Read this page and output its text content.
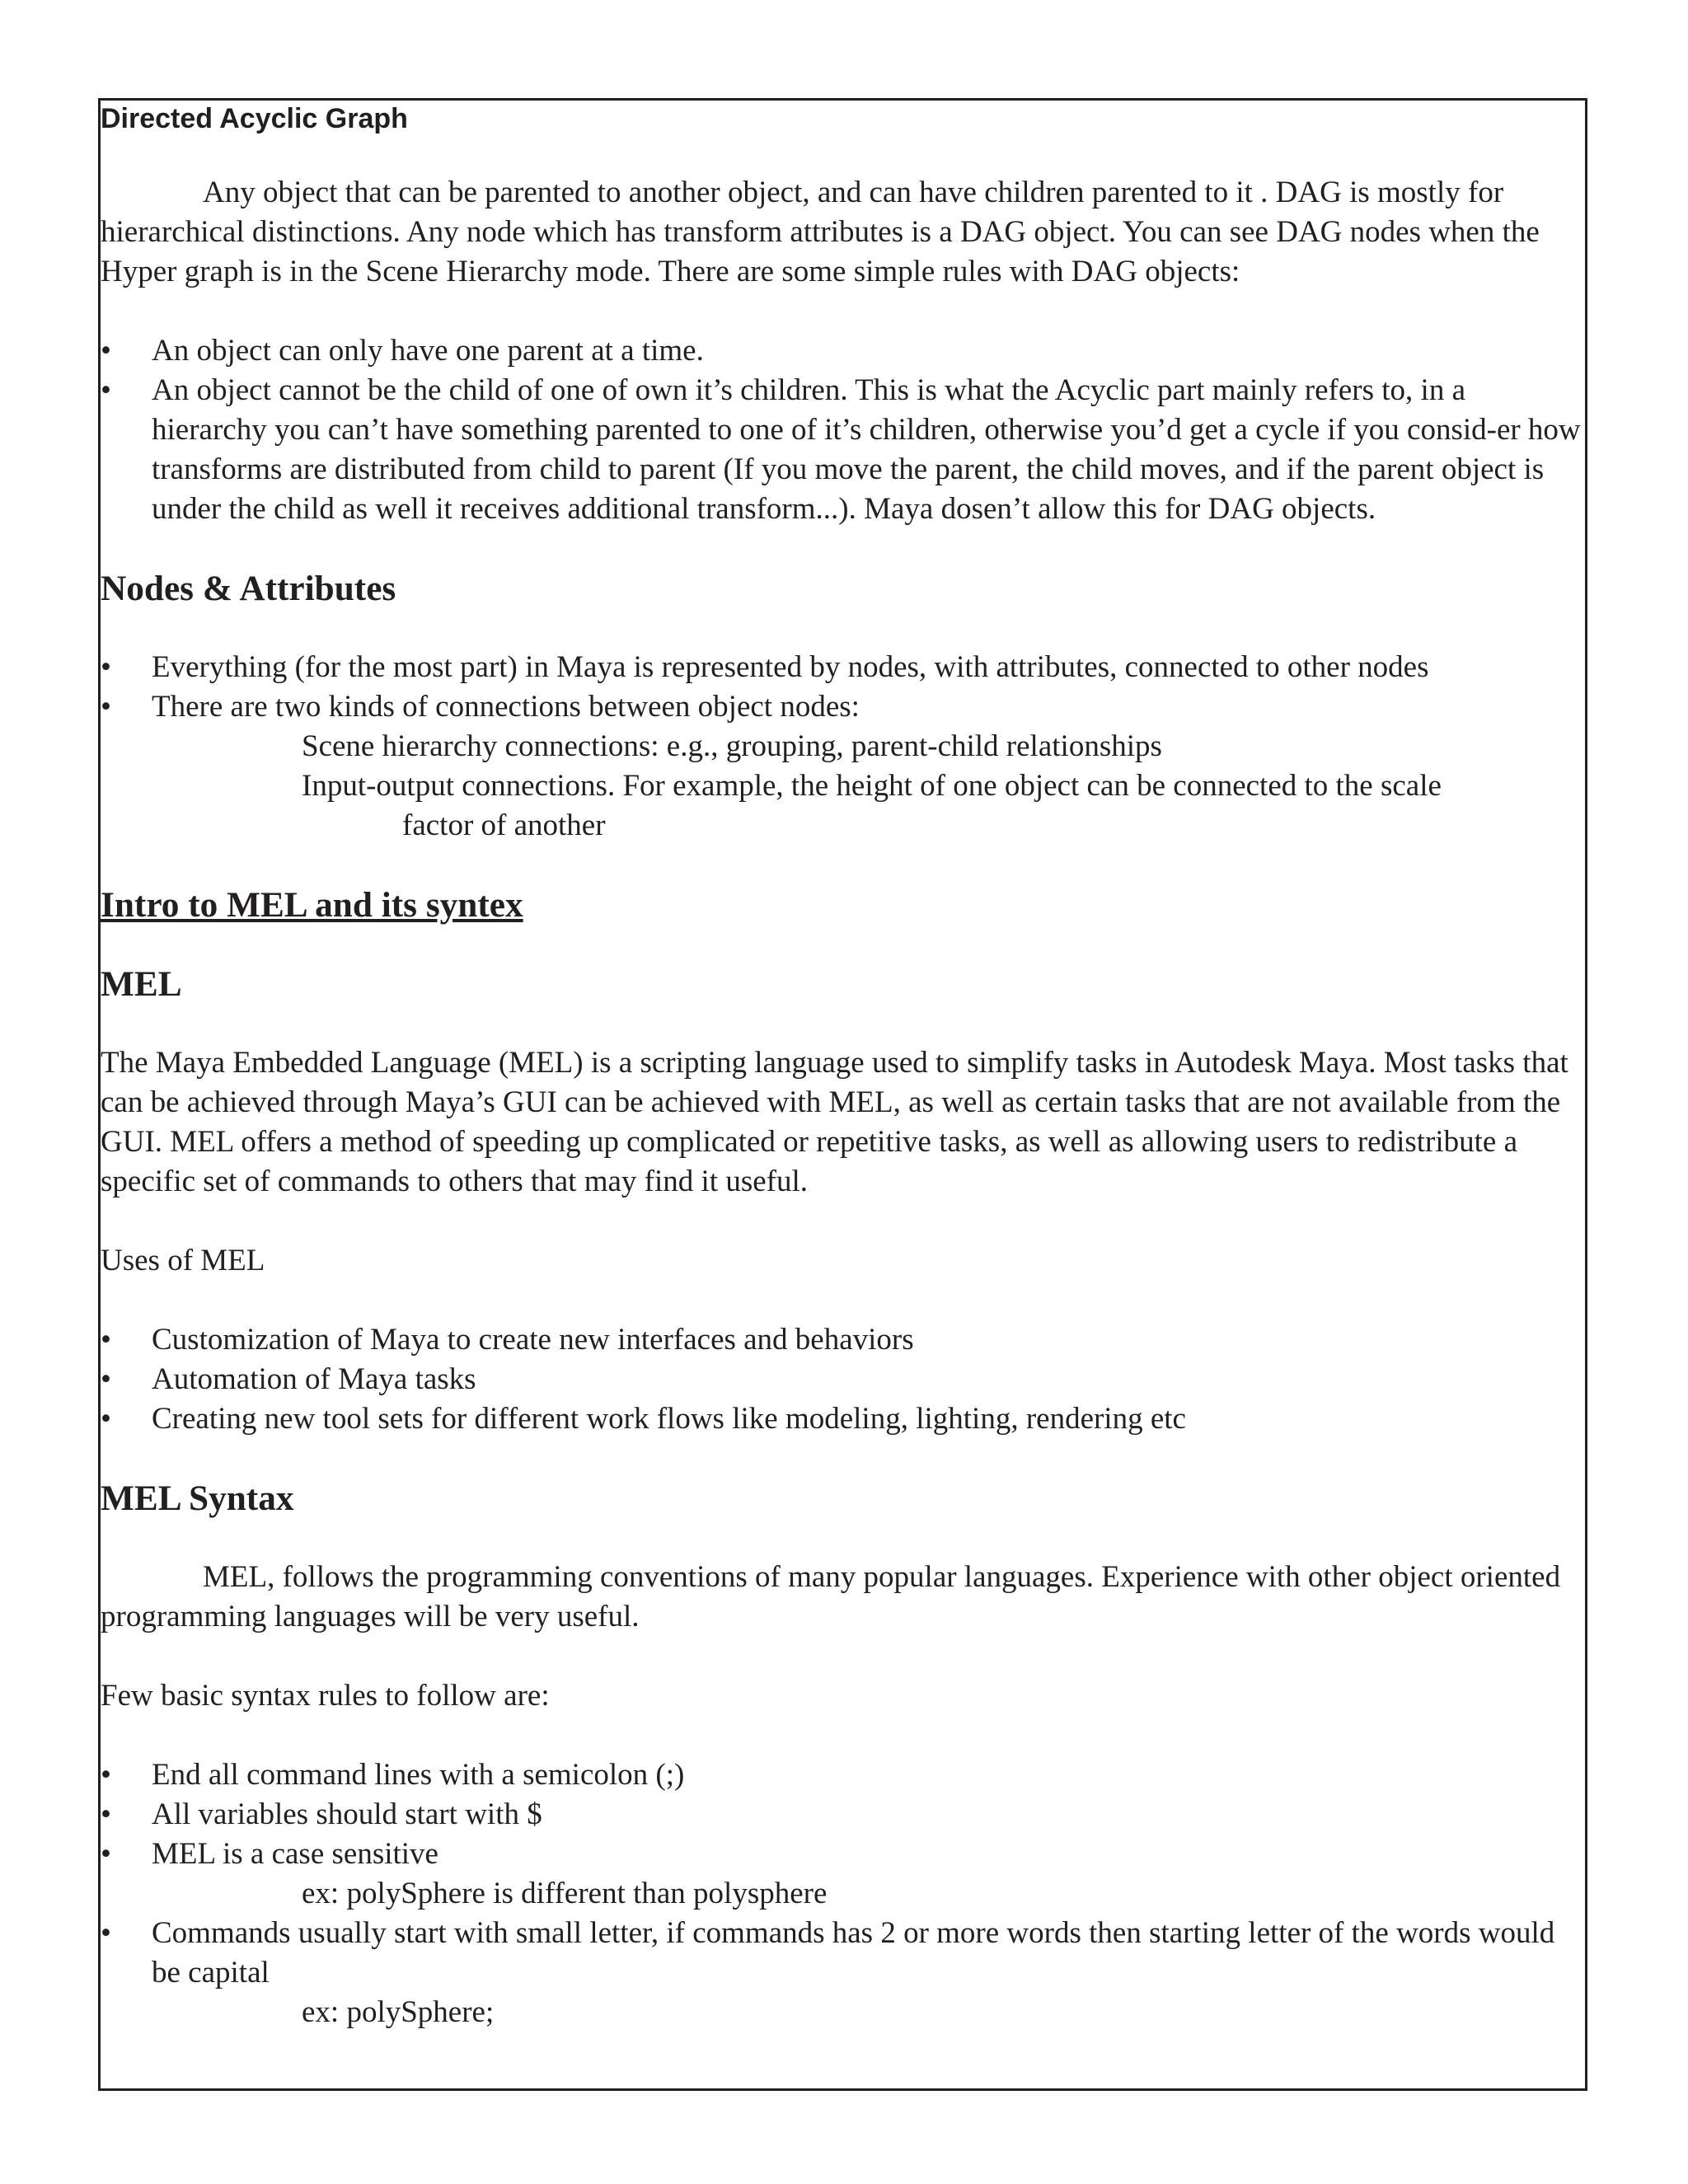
Directed Acyclic Graph

Any object that can be parented to another object, and can have children parented to it . DAG is mostly for hierarchical distinctions. Any node which has transform attributes is a DAG object. You can see DAG nodes when the Hyper graph is in the Scene Hierarchy mode. There are some simple rules with DAG objects:

• An object can only have one parent at a time.
• An object cannot be the child of one of own it’s children. This is what the Acyclic part mainly refers to, in a hierarchy you can’t have something parented to one of it’s children, otherwise you’d get a cycle if you consid-er how transforms are distributed from child to parent (If you move the parent, the child moves, and if the parent object is under the child as well it receives additional transform...). Maya dosen’t allow this for DAG objects.
Nodes & Attributes
• Everything (for the most part) in Maya is represented by nodes, with attributes, connected to other nodes
• There are two kinds of connections between object nodes:

Scene hierarchy connections: e.g., grouping, parent-child relationships

Input-output connections. For example, the height of one object can be connected to the scale

factor of another

Intro to MEL and its syntex
MEL

The Maya Embedded Language (MEL) is a scripting language used to simplify tasks in Autodesk Maya. Most tasks that can be achieved through Maya’s GUI can be achieved with MEL, as well as certain tasks that are not available from the GUI. MEL offers a method of speeding up complicated or repetitive tasks, as well as allowing users to redistribute a specific set of commands to others that may find it useful.

Uses of MEL

• Customization of Maya to create new interfaces and behaviors
• Automation of Maya tasks
• Creating new tool sets for different work flows like modeling, lighting, rendering etc
MEL Syntax

MEL, follows the programming conventions of many popular languages. Experience with other object oriented programming languages will be very useful.

Few basic syntax rules to follow are:

• End all command lines with a semicolon (;)
• All variables should start with $
• MEL is a case sensitive
ex: polySphere is different than polysphere
• Commands usually start with small letter, if commands has 2 or more words then starting letter of the words would be capital
ex: polySphere;
